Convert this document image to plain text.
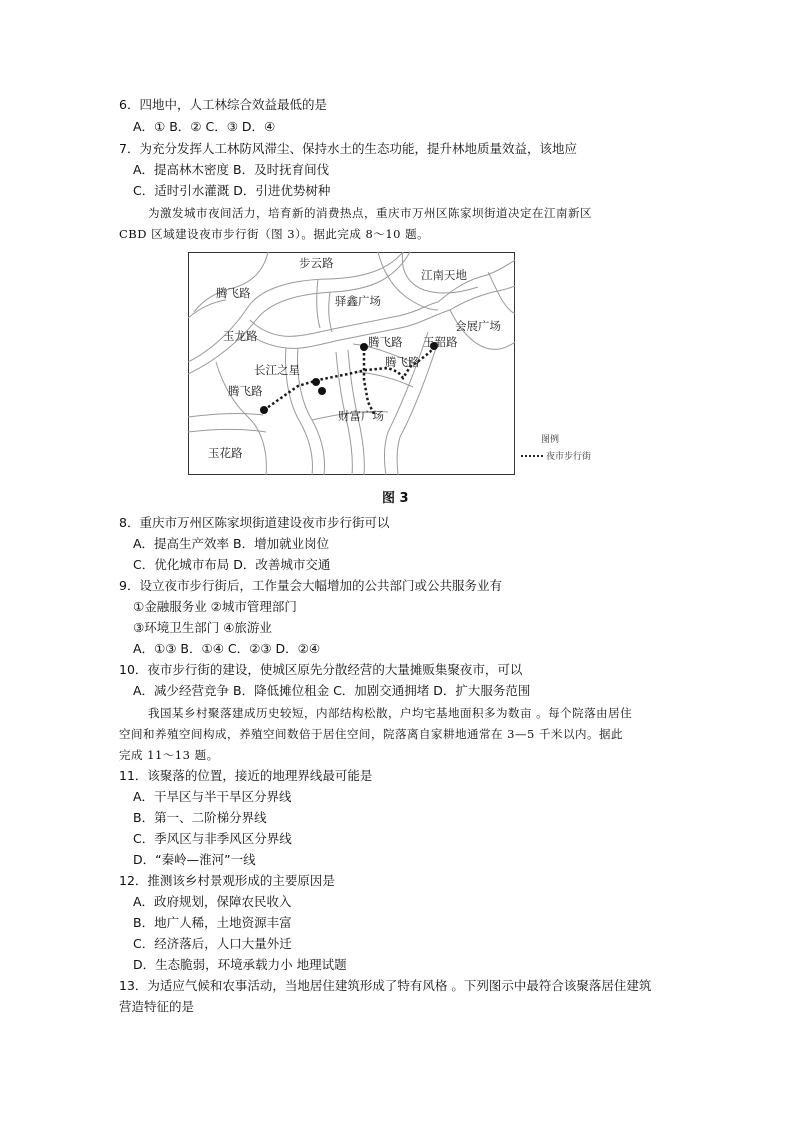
6．四地中，人工林综合效益最低的是
A．① B．② C．③ D．④
7．为充分发挥人工林防风滞尘、保持水土的生态功能，提升林地质量效益，该地应
A．提高林木密度 B．及时抚育间伐
C．适时引水灌溉 D．引进优势树种
为激发城市夜间活力，培育新的消费热点，重庆市万州区陈家坝街道决定在江南新区
CBD 区域建设夜市步行街（图 3）。据此完成 8～10 题。
步云路
江南天地
腾飞路
驿鑫广场
会展广场
玉龙路	腾飞路 王韶路
腾飞路
长江之星
腾飞路
财富广场
玉花路
图例
夜市步行街
图 3
8．重庆市万州区陈家坝街道建设夜市步行街可以
A．提高生产效率 B．增加就业岗位
C．优化城市布局 D．改善城市交通
9．设立夜市步行街后，工作量会大幅增加的公共部门或公共服务业有
①金融服务业 ②城市管理部门
③环境卫生部门 ④旅游业
A．①③ B．①④ C．②③ D．②④
10．夜市步行街的建设，使城区原先分散经营的大量摊贩集聚夜市，可以
A．减少经营竞争 B．降低摊位租金 C．加剧交通拥堵 D．扩大服务范围
我国某乡村聚落建成历史较短，内部结构松散，户均宅基地面积多为数亩 。每个院落由居住
空间和养殖空间构成，养殖空间数倍于居住空间，院落离自家耕地通常在 3—5 千米以内。据此
完成 11～13 题。
11．该聚落的位置，接近的地理界线最可能是
A．干旱区与半干旱区分界线
B．第一、二阶梯分界线
C．季风区与非季风区分界线
D．“秦岭—淮河”一线
12．推测该乡村景观形成的主要原因是
A．政府规划，保障农民收入
B．地广人稀，土地资源丰富
C．经济落后，人口大量外迁
D．生态脆弱，环境承载力小 地理试题
13．为适应气候和农事活动，当地居住建筑形成了特有风格 。下列图示中最符合该聚落居住建筑
营造特征的是
